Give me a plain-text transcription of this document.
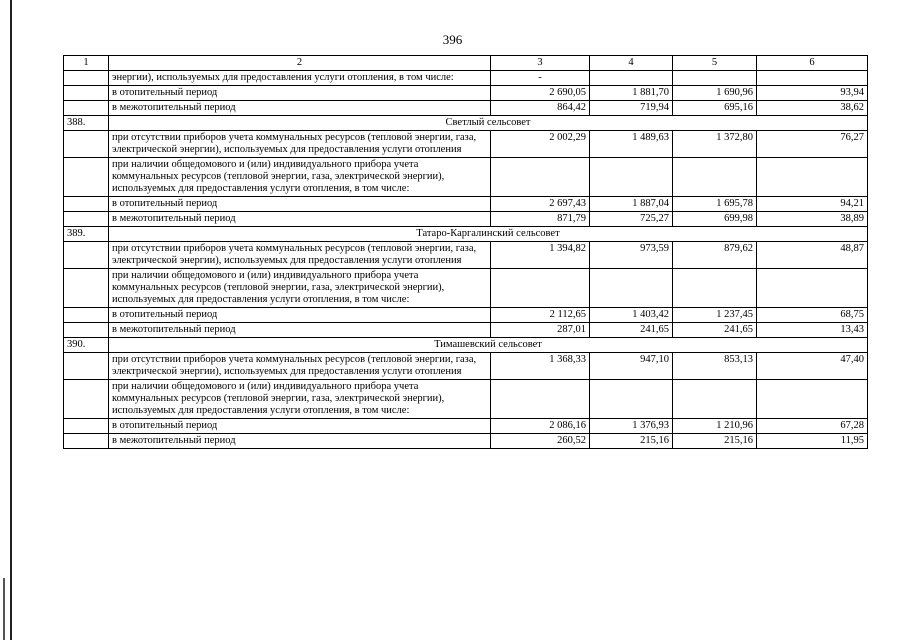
396
1	2	3	4	5	6
	энергии), используемых для предоставления услуги отопления, в том числе:	-			
	в отопительный период	2 690,05	1 881,70	1 690,96	93,94
	в межотопительный период	864,42	719,94	695,16	38,62
388.	Светлый сельсовет				
	при отсутствии приборов учета коммунальных ресурсов (тепловой энергии, газа, электрической энергии), используемых для предоставления услуги отопления	2 002,29	1 489,63	1 372,80	76,27
	при наличии общедомового и (или) индивидуального прибора учета коммунальных ресурсов (тепловой энергии, газа, электрической энергии), используемых для предоставления услуги отопления, в том числе:				
	в отопительный период	2 697,43	1 887,04	1 695,78	94,21
	в межотопительный период	871,79	725,27	699,98	38,89
389.	Татаро-Каргалинский сельсовет				
	при отсутствии приборов учета коммунальных ресурсов (тепловой энергии, газа, электрической энергии), используемых для предоставления услуги отопления	1 394,82	973,59	879,62	48,87
	при наличии общедомового и (или) индивидуального прибора учета коммунальных ресурсов (тепловой энергии, газа, электрической энергии), используемых для предоставления услуги отопления, в том числе:				
	в отопительный период	2 112,65	1 403,42	1 237,45	68,75
	в межотопительный период	287,01	241,65	241,65	13,43
390.	Тимашевский сельсовет				
	при отсутствии приборов учета коммунальных ресурсов (тепловой энергии, газа, электрической энергии), используемых для предоставления услуги отопления	1 368,33	947,10	853,13	47,40
	при наличии общедомового и (или) индивидуального прибора учета коммунальных ресурсов (тепловой энергии, газа, электрической энергии), используемых для предоставления услуги отопления, в том числе:				
	в отопительный период	2 086,16	1 376,93	1 210,96	67,28
	в межотопительный период	260,52	215,16	215,16	11,95
